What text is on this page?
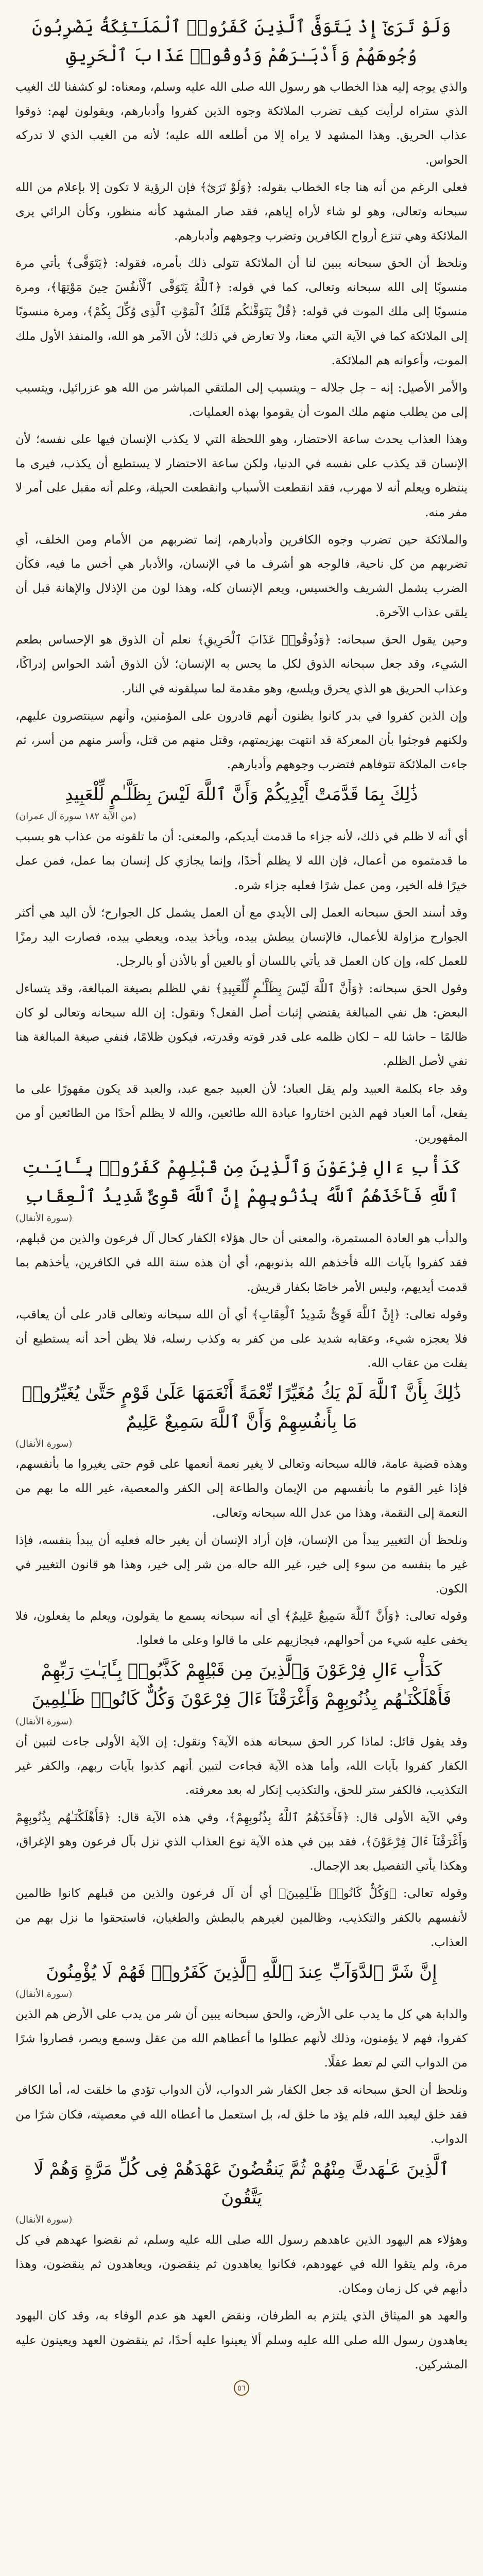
وَلَوْ تَرَىٰٓ إِذْ يَتَوَفَّى ٱلَّذِينَ كَفَرُوا۟ ٱلْمَلَـٰٓئِكَةُ يَضْرِبُونَ وُجُوهَهُمْ وَأَدْبَـٰرَهُمْ وَذُوقُوا۟ عَذَابَ ٱلْحَرِيقِ
والذي يوجه إليه هذا الخطاب هو رسول الله صلى الله عليه وسلم، ومعناه: لو كشفنا لك الغيب الذي ستراه لرأيت كيف تضرب الملائكة وجوه الذين كفروا وأدبارهم، ويقولون لهم: ذوقوا عذاب الحريق. وهذا المشهد لا يراه إلا من أطلعه الله عليه؛ لأنه من الغيب الذي لا تدركه الحواس.
فعلى الرغم من أنه هنا جاء الخطاب بقوله: ﴿وَلَوْ تَرَىٰٓ﴾ فإن الرؤية لا تكون إلا بإعلام من الله سبحانه وتعالى، وهو لو شاء لأراه إياهم، فقد صار المشهد كأنه منظور، وكأن الرائي يرى الملائكة وهي تنزع أرواح الكافرين وتضرب وجوههم وأدبارهم.
ونلحظ أن الحق سبحانه يبين لنا أن الملائكة تتولى ذلك بأمره، فقوله: ﴿يَتَوَفَّى﴾ يأتي مرة منسوبًا إلى الله سبحانه وتعالى، كما في قوله: ﴿ٱللَّهُ يَتَوَفَّى ٱلْأَنفُسَ حِينَ مَوْتِهَا﴾، ومرة منسوبًا إلى ملك الموت في قوله: ﴿قُلْ يَتَوَفَّىٰكُم مَّلَكُ ٱلْمَوْتِ ٱلَّذِى وُكِّلَ بِكُمْ﴾، ومرة منسوبًا إلى الملائكة كما في الآية التي معنا، ولا تعارض في ذلك؛ لأن الآمر هو الله، والمنفذ الأول ملك الموت، وأعوانه هم الملائكة.
والأمر الأصيل: إنه – جل جلاله – ويتسبب إلى الملتقي المباشر من الله هو عزرائيل، ويتسبب إلى من يطلب منهم ملك الموت أن يقوموا بهذه العمليات.
وهذا العذاب يحدث ساعة الاحتضار، وهو اللحظة التي لا يكذب الإنسان فيها على نفسه؛ لأن الإنسان قد يكذب على نفسه في الدنيا، ولكن ساعة الاحتضار لا يستطيع أن يكذب، فيرى ما ينتظره ويعلم أنه لا مهرب، فقد انقطعت الأسباب وانقطعت الحيلة، وعلم أنه مقبل على أمر لا مفر منه.
والملائكة حين تضرب وجوه الكافرين وأدبارهم، إنما تضربهم من الأمام ومن الخلف، أي تضربهم من كل ناحية، فالوجه هو أشرف ما في الإنسان، والأدبار هي أخس ما فيه، فكأن الضرب يشمل الشريف والخسيس، ويعم الإنسان كله، وهذا لون من الإذلال والإهانة قبل أن يلقى عذاب الآخرة.
وحين يقول الحق سبحانه: ﴿وَذُوقُوا۟ عَذَابَ ٱلْحَرِيقِ﴾ نعلم أن الذوق هو الإحساس بطعم الشيء، وقد جعل سبحانه الذوق لكل ما يحس به الإنسان؛ لأن الذوق أشد الحواس إدراكًا، وعذاب الحريق هو الذي يحرق ويلسع، وهو مقدمة لما سيلقونه في النار.
وإن الذين كفروا في بدر كانوا يظنون أنهم قادرون على المؤمنين، وأنهم سينتصرون عليهم، ولكنهم فوجئوا بأن المعركة قد انتهت بهزيمتهم، وقتل منهم من قتل، وأسر منهم من أسر، ثم جاءت الملائكة تتوفاهم فتضرب وجوههم وأدبارهم.
ذَٰلِكَ بِمَا قَدَّمَتْ أَيْدِيكُمْ وَأَنَّ ٱللَّهَ لَيْسَ بِظَلَّـٰمٍ لِّلْعَبِيدِ
(من الآية ١٨٢ سورة آل عمران)
أي أنه لا ظلم في ذلك، لأنه جزاء ما قدمت أيديكم، والمعنى: أن ما تلقونه من عذاب هو بسبب ما قدمتموه من أعمال، فإن الله لا يظلم أحدًا، وإنما يجازي كل إنسان بما عمل، فمن عمل خيرًا فله الخير، ومن عمل شرًا فعليه جزاء شره.
وقد أسند الحق سبحانه العمل إلى الأيدي مع أن العمل يشمل كل الجوارح؛ لأن اليد هي أكثر الجوارح مزاولة للأعمال، فالإنسان يبطش بيده، ويأخذ بيده، ويعطي بيده، فصارت اليد رمزًا للعمل كله، وإن كان العمل قد يأتي باللسان أو بالعين أو بالأذن أو بالرجل.
وقول الحق سبحانه: ﴿وَأَنَّ ٱللَّهَ لَيْسَ بِظَلَّـٰمٍ لِّلْعَبِيدِ﴾ نفي للظلم بصيغة المبالغة، وقد يتساءل البعض: هل نفي المبالغة يقتضي إثبات أصل الفعل؟ ونقول: إن الله سبحانه وتعالى لو كان ظالمًا – حاشا لله – لكان ظلمه على قدر قوته وقدرته، فيكون ظلامًا، فنفي صيغة المبالغة هنا نفي لأصل الظلم.
وقد جاء بكلمة العبيد ولم يقل العباد؛ لأن العبيد جمع عبد، والعبد قد يكون مقهورًا على ما يفعل، أما العباد فهم الذين اختاروا عبادة الله طائعين، والله لا يظلم أحدًا من الطائعين أو من المقهورين.
كَدَأْبِ ءَالِ فِرْعَوْنَ وَٱلَّذِينَ مِن قَبْلِهِمْ كَفَرُوا۟ بِـَٔايَـٰتِ ٱللَّهِ فَأَخَذَهُمُ ٱللَّهُ بِذُنُوبِهِمْ إِنَّ ٱللَّهَ قَوِىٌّ شَدِيدُ ٱلْعِقَابِ
(سورة الأنفال)
والدأب هو العادة المستمرة، والمعنى أن حال هؤلاء الكفار كحال آل فرعون والذين من قبلهم، فقد كفروا بآيات الله فأخذهم الله بذنوبهم، أي أن هذه سنة الله في الكافرين، يأخذهم بما قدمت أيديهم، وليس الأمر خاصًا بكفار قريش.
وقوله تعالى: ﴿إِنَّ ٱللَّهَ قَوِىٌّ شَدِيدُ ٱلْعِقَابِ﴾ أي أن الله سبحانه وتعالى قادر على أن يعاقب، فلا يعجزه شيء، وعقابه شديد على من كفر به وكذب رسله، فلا يظن أحد أنه يستطيع أن يفلت من عقاب الله.
ذَٰلِكَ بِأَنَّ ٱللَّهَ لَمْ يَكُ مُغَيِّرًا نِّعْمَةً أَنْعَمَهَا عَلَىٰ قَوْمٍ حَتَّىٰ يُغَيِّرُوا۟ مَا بِأَنفُسِهِمْ وَأَنَّ ٱللَّهَ سَمِيعٌ عَلِيمٌ
(سورة الأنفال)
وهذه قضية عامة، فالله سبحانه وتعالى لا يغير نعمة أنعمها على قوم حتى يغيروا ما بأنفسهم، فإذا غير القوم ما بأنفسهم من الإيمان والطاعة إلى الكفر والمعصية، غير الله ما بهم من النعمة إلى النقمة، وهذا من عدل الله سبحانه وتعالى.
ونلحظ أن التغيير يبدأ من الإنسان، فإن أراد الإنسان أن يغير حاله فعليه أن يبدأ بنفسه، فإذا غير ما بنفسه من سوء إلى خير، غير الله حاله من شر إلى خير، وهذا هو قانون التغيير في الكون.
وقوله تعالى: ﴿وَأَنَّ ٱللَّهَ سَمِيعٌ عَلِيمٌ﴾ أي أنه سبحانه يسمع ما يقولون، ويعلم ما يفعلون، فلا يخفى عليه شيء من أحوالهم، فيجازيهم على ما قالوا وعلى ما فعلوا.
كَدَأْبِ ءَالِ فِرْعَوْنَ وَٱلَّذِينَ مِن قَبْلِهِمْ كَذَّبُوا۟ بِـَٔايَـٰتِ رَبِّهِمْ فَأَهْلَكْنَـٰهُم بِذُنُوبِهِمْ وَأَغْرَقْنَآ ءَالَ فِرْعَوْنَ وَكُلٌّ كَانُوا۟ ظَـٰلِمِينَ
(سورة الأنفال)
وقد يقول قائل: لماذا كرر الحق سبحانه هذه الآية؟ ونقول: إن الآية الأولى جاءت لتبين أن الكفار كفروا بآيات الله، وأما هذه الآية فجاءت لتبين أنهم كذبوا بآيات ربهم، والكفر غير التكذيب، فالكفر ستر للحق، والتكذيب إنكار له بعد معرفته.
وفي الآية الأولى قال: ﴿فَأَخَذَهُمُ ٱللَّهُ بِذُنُوبِهِمْ﴾، وفي هذه الآية قال: ﴿فَأَهْلَكْنَـٰهُم بِذُنُوبِهِمْ وَأَغْرَقْنَآ ءَالَ فِرْعَوْنَ﴾، فقد بين في هذه الآية نوع العذاب الذي نزل بآل فرعون وهو الإغراق، وهكذا يأتي التفصيل بعد الإجمال.
وقوله تعالى: ﴿وَكُلٌّ كَانُوا۟ ظَـٰلِمِينَ﴾ أي أن آل فرعون والذين من قبلهم كانوا ظالمين لأنفسهم بالكفر والتكذيب، وظالمين لغيرهم بالبطش والطغيان، فاستحقوا ما نزل بهم من العذاب.
إِنَّ شَرَّ ٱلدَّوَآبِّ عِندَ ٱللَّهِ ٱلَّذِينَ كَفَرُوا۟ فَهُمْ لَا يُؤْمِنُونَ
(سورة الأنفال)
والدابة هي كل ما يدب على الأرض، والحق سبحانه يبين أن شر من يدب على الأرض هم الذين كفروا، فهم لا يؤمنون، وذلك لأنهم عطلوا ما أعطاهم الله من عقل وسمع وبصر، فصاروا شرًا من الدواب التي لم تعط عقلًا.
ونلحظ أن الحق سبحانه قد جعل الكفار شر الدواب، لأن الدواب تؤدي ما خلقت له، أما الكافر فقد خلق ليعبد الله، فلم يؤد ما خلق له، بل استعمل ما أعطاه الله في معصيته، فكان شرًا من الدواب.
ٱلَّذِينَ عَـٰهَدتَّ مِنْهُمْ ثُمَّ يَنقُضُونَ عَهْدَهُمْ فِى كُلِّ مَرَّةٍ وَهُمْ لَا يَتَّقُونَ
(سورة الأنفال)
وهؤلاء هم اليهود الذين عاهدهم رسول الله صلى الله عليه وسلم، ثم نقضوا عهدهم في كل مرة، ولم يتقوا الله في عهودهم، فكانوا يعاهدون ثم ينقضون، ويعاهدون ثم ينقضون، وهذا دأبهم في كل زمان ومكان.
والعهد هو الميثاق الذي يلتزم به الطرفان، ونقض العهد هو عدم الوفاء به، وقد كان اليهود يعاهدون رسول الله صلى الله عليه وسلم ألا يعينوا عليه أحدًا، ثم ينقضون العهد ويعينون عليه المشركين.
٥٦
